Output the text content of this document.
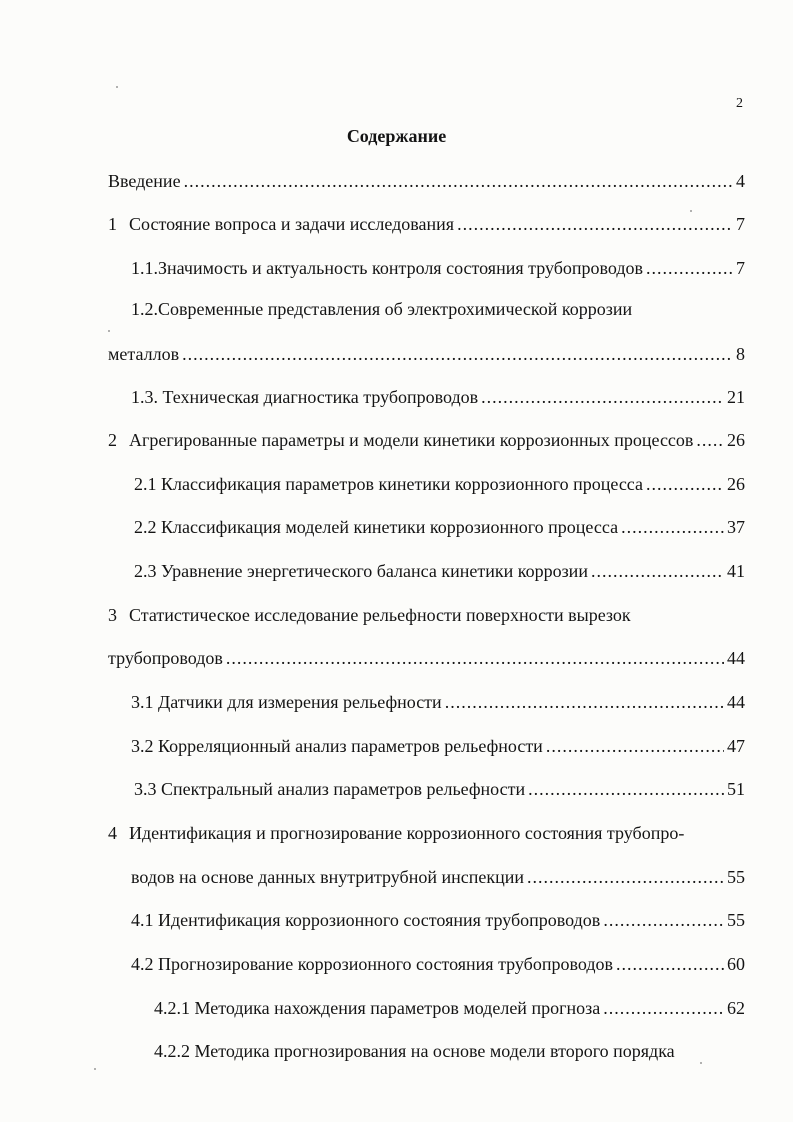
2
Содержание
Введение .....	4
1 Состояние вопроса и задачи исследования .....	7
1.1.Значимость и актуальность контроля состояния трубопроводов .....	7
1.2.Современные представления об электрохимической коррозии
металлов .....	8
1.3. Техническая диагностика трубопроводов .....	21
2 Агрегированные параметры и модели кинетики коррозионных процессов ..... 26
2.1 Классификация параметров кинетики коррозионного процесса .....	26
2.2 Классификация моделей кинетики коррозионного процесса .....	37
2.3 Уравнение энергетического баланса кинетики коррозии .....	41
3 Статистическое исследование рельефности поверхности вырезок
трубопроводов .....	44
3.1 Датчики для измерения рельефности .....	44
3.2 Корреляционный анализ параметров рельефности .....	47
3.3 Спектральный анализ параметров рельефности .....	51
4 Идентификация и прогнозирование коррозионного состояния трубопро-
водов на основе данных внутритрубной инспекции .....	55
4.1 Идентификация коррозионного состояния трубопроводов .....	55
4.2 Прогнозирование коррозионного состояния трубопроводов .....	60
4.2.1 Методика нахождения параметров моделей прогноза .....	62
4.2.2 Методика прогнозирования на основе модели второго порядка
